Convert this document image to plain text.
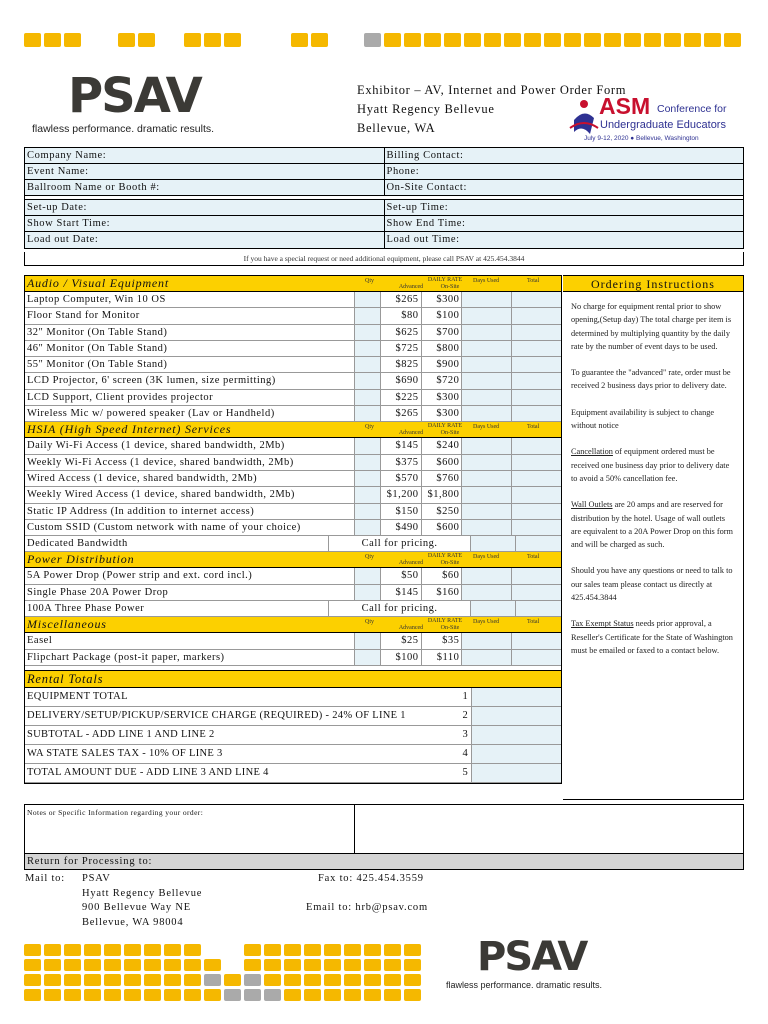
PSAV
flawless performance. dramatic results.
Exhibitor – AV, Internet and Power Order Form
Hyatt Regency Bellevue
Bellevue, WA
ASM Conference for
Undergraduate Educators
July 9-12, 2020 ● Bellevue, Washington
Company Name:	Billing Contact:
Event Name:	Phone:
Ballroom Name or Booth #:	On-Site Contact:
Set-up Date:	Set-up Time:
Show Start Time:	Show End Time:
Load out Date:	Load out Time:
If you have a special request or need additional equipment, please call PSAV at 425.454.3844
Audio / Visual Equipment	Qty	DAILY RATE
Advanced	On-Site
Days Used	Total
Laptop Computer, Win 10 OS	$265	$300
Floor Stand for Monitor	$80	$100
32" Monitor (On Table Stand)	$625	$700
46" Monitor (On Table Stand)	$725	$800
55" Monitor (On Table Stand)	$825	$900
LCD Projector, 6' screen (3K lumen, size permitting)	$690	$720
LCD Support, Client provides projector	$225	$300
Wireless Mic w/ powered speaker (Lav or Handheld)	$265	$300
HSIA (High Speed Internet) Services	Qty	DAILY RATE
Advanced	On-Site
Days Used	Total
Daily Wi-Fi Access (1 device, shared bandwidth, 2Mb)	$145	$240
Weekly Wi-Fi Access (1 device, shared bandwidth, 2Mb)	$375	$600
Wired Access (1 device, shared bandwidth, 2Mb)	$570	$760
Weekly Wired Access (1 device, shared bandwidth, 2Mb)	$1,200 $1,800
Static IP Address (In addition to internet access)	$150	$250
Custom SSID (Custom network with name of your choice)	$490	$600
Dedicated Bandwidth	Call for pricing.
Power Distribution	Qty	DAILY RATE
Advanced	On-Site
Days Used	Total
5A Power Drop (Power strip and ext. cord incl.)	$50	$60
Single Phase 20A Power Drop	$145	$160
100A Three Phase Power	Call for pricing.
Miscellaneous	Qty	DAILY RATE
Advanced	On-Site
Days Used	Total
Easel	$25	$35
Flipchart Package (post-it paper, markers)	$100	$110
Rental Totals
EQUIPMENT TOTAL	1
DELIVERY/SETUP/PICKUP/SERVICE CHARGE (REQUIRED) - 24% OF LINE 1	2
SUBTOTAL - ADD LINE 1 AND LINE 2	3
WA STATE SALES TAX - 10% OF LINE 3	4
TOTAL AMOUNT DUE - ADD LINE 3 AND LINE 4	5
Ordering Instructions

No charge for equipment rental prior to show opening,(Setup day) The total charge per item is determined by multiplying quantity by the daily rate by the number of event days to be used.

To guarantee the "advanced" rate, order must be received 2 business days prior to delivery date.

Equipment availability is subject to change without notice

Cancellation of equipment ordered must be received one business day prior to delivery date to avoid a 50% cancellation fee.

Wall Outlets are 20 amps and are reserved for distribution by the hotel. Usage of wall outlets are equivalent to a 20A Power Drop on this form and will be charged as such.

Should you have any questions or need to talk to our sales team please contact us directly at 425.454.3844

Tax Exempt Status needs prior approval, a Reseller's Certificate for the State of Washington must be emailed or faxed to a contact below.

Notes or Specific Information regarding your order:
Return for Processing to:
Mail to: PSAV
Hyatt Regency Bellevue
900 Bellevue Way NE
Bellevue, WA 98004
Fax to: 425.454.3559
Email to: hrb@psav.com
PSAV
flawless performance. dramatic results.
